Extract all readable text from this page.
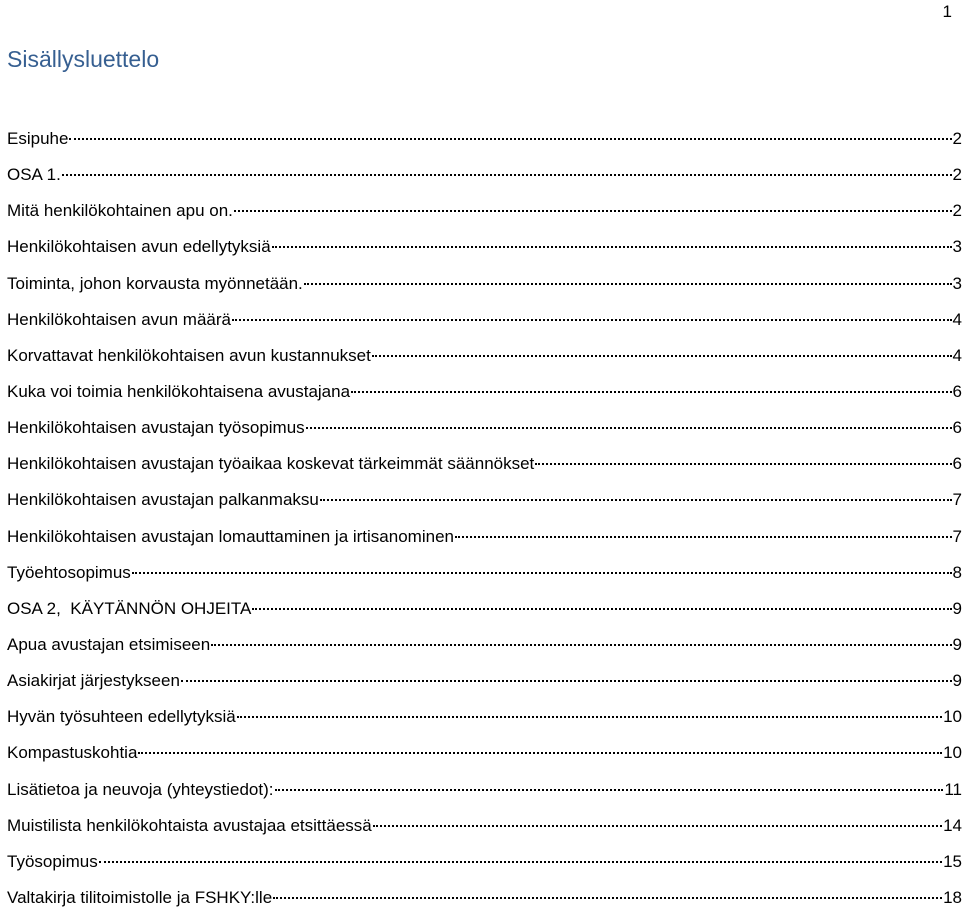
1
Sisällysluettelo
Esipuhe	2
OSA 1.	2
Mitä henkilökohtainen apu on.	2
Henkilökohtaisen avun edellytyksiä	3
Toiminta, johon korvausta myönnetään.	3
Henkilökohtaisen avun määrä	4
Korvattavat henkilökohtaisen avun kustannukset	4
Kuka voi toimia henkilökohtaisena avustajana	6
Henkilökohtaisen avustajan työsopimus	6
Henkilökohtaisen avustajan työaikaa koskevat tärkeimmät säännökset	6
Henkilökohtaisen avustajan palkanmaksu	7
Henkilökohtaisen avustajan lomauttaminen ja irtisanominen	7
Työehtosopimus	8
OSA 2,  KÄYTÄNNÖN OHJEITA	9
Apua avustajan etsimiseen	9
Asiakirjat järjestykseen	9
Hyvän työsuhteen edellytyksiä	10
Kompastuskohtia	10
Lisätietoa ja neuvoja (yhteystiedot):	11
Muistilista henkilökohtaista avustajaa etsittäessä	14
Työsopimus	15
Valtakirja tilitoimistolle ja FSHKY:lle	18
